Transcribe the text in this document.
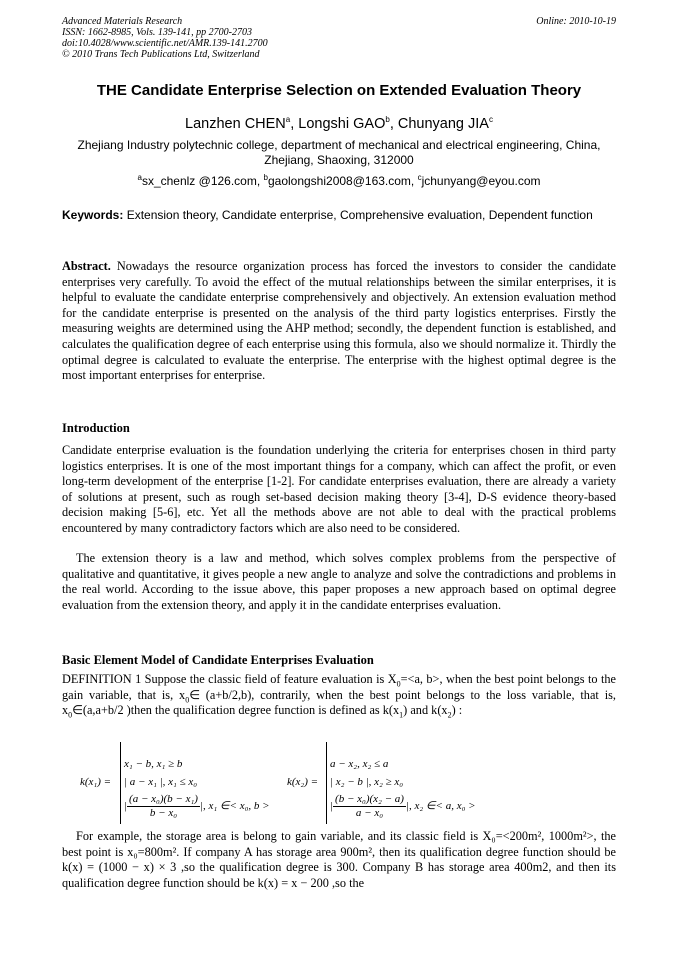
Advanced Materials Research
ISSN: 1662-8985, Vols. 139-141, pp 2700-2703
doi:10.4028/www.scientific.net/AMR.139-141.2700
© 2010 Trans Tech Publications Ltd, Switzerland
Online: 2010-10-19
THE Candidate Enterprise Selection on Extended Evaluation Theory
Lanzhen CHEN$^a$, Longshi GAO$^b$, Chunyang JIA$^c$
Zhejiang Industry polytechnic college, department of mechanical and electrical engineering, China,
Zhejiang, Shaoxing, 312000
$^a$sx_chenlz @126.com, $^b$gaolongshi2008@163.com, $^c$jchunyang@eyou.com
Keywords: Extension theory, Candidate enterprise, Comprehensive evaluation, Dependent function
Abstract. Nowadays the resource organization process has forced the investors to consider the candidate enterprises very carefully. To avoid the effect of the mutual relationships between the similar enterprises, it is helpful to evaluate the candidate enterprise comprehensively and objectively. An extension evaluation method for the candidate enterprise is presented on the analysis of the third party logistics enterprises. Firstly the measuring weights are determined using the AHP method; secondly, the dependent function is established, and calculates the qualification degree of each enterprise using this formula, also we should normalize it. Thirdly the optimal degree is calculated to evaluate the enterprise. The enterprise with the highest optimal degree is the most important enterprises for enterprise.
Introduction
Candidate enterprise evaluation is the foundation underlying the criteria for enterprises chosen in third party logistics enterprises. It is one of the most important things for a company, which can affect the profit, or even long-term development of the enterprise [1-2]. For candidate enterprises evaluation, there are already a variety of solutions at present, such as rough set-based decision making theory [3-4], D-S evidence theory-based decision making [5-6], etc. Yet all the methods above are not able to deal with the practical problems encountered by many contradictory factors which are also need to be considered.
The extension theory is a law and method, which solves complex problems from the perspective of qualitative and quantitative, it gives people a new angle to analyze and solve the contradictions and problems in the real world. According to the issue above, this paper proposes a new approach based on optimal degree evaluation from the extension theory, and apply it in the candidate enterprises evaluation.
Basic Element Model of Candidate Enterprises Evaluation
DEFINITION 1 Suppose the classic field of feature evaluation is $X_0=<a$, b>, when the best point belongs to the gain variable, that is, $x_0\in$ (a+b/2,b), contrarily, when the best point belongs to the loss variable, that is, $x_0\in(a,a+b/2$ )then the qualification degree function is defined as $k(x_1)$ and $k(x_2)$ :
k(x₁) =
x₁ − b, x₁ ≥ b
| a − x₁ |, x₁ ≤ x₀
| $\frac{\text{(a − x₀)(b − x₁)}}{\text{b − x₀}}$ |, x₁ ∈< x₀, b >
k(x₂) =
a − x₂, x₂ ≤ a
| x₂ − b |, x₂ ≥ x₀
| $\frac{\text{(b − x₀)(x₂ − a)}}{\text{a − x₀}}$ |, x₂ ∈< a, x₀ >
For example, the storage area is belong to gain variable, and its classic field is X₀=<200m², 1000m²>, the best point is x₀=800m². If company A has storage area 900m², then its qualification degree function should be k(x) = (1000 − x) × 3 ,so the qualification degree is 300. Company B has storage area 400m2, and then its qualification degree function should be k(x) = x − 200 ,so the
